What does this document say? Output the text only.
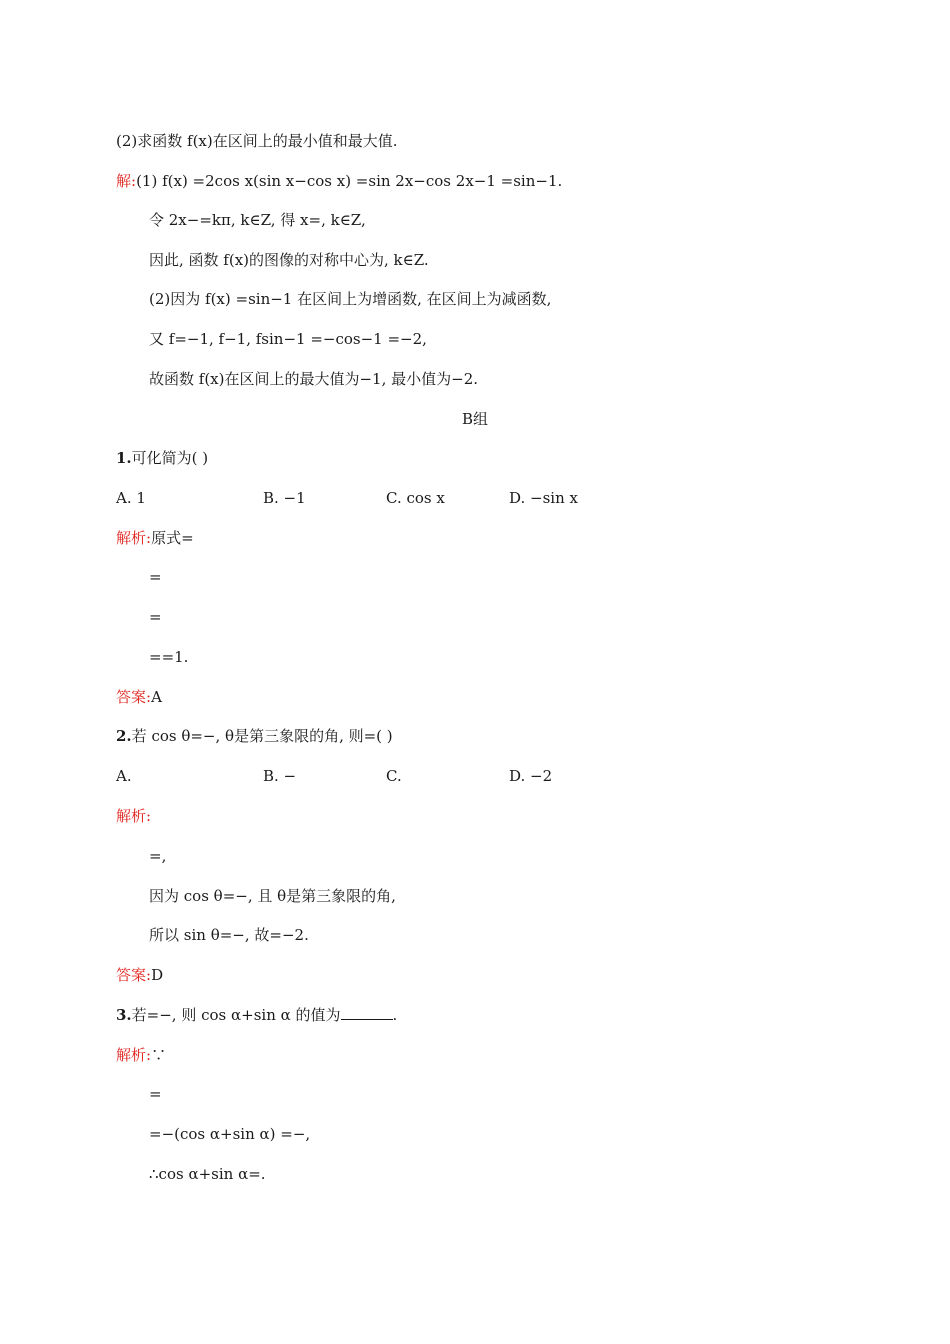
(2)求函数 f(x)在区间上的最小值和最大值.
解:(1) f(x) =2cos x(sin x−cos x) =sin 2x−cos 2x−1 =sin−1.
令 2x−=kπ, k∈Z, 得 x=, k∈Z,
因此, 函数 f(x)的图像的对称中心为, k∈Z.
(2)因为 f(x) =sin−1 在区间上为增函数, 在区间上为减函数,
又 f=−1, f−1, fsin−1 =−cos−1 =−2,
故函数 f(x)在区间上的最大值为−1, 最小值为−2.
B组
1.可化简为( )
A. 1	B. −1	C. cos x	D. −sin x
解析:原式=
=
=
==1.
答案:A
2.若 cos θ=−, θ是第三象限的角, 则=( )
A.	B. −	C.	D. −2
解析:
=,
因为 cos θ=−, 且 θ是第三象限的角,
所以 sin θ=−, 故=−2.
答案:D
3.若=−, 则 cos α+sin α 的值为	.
解析:∵
=
=−(cos α+sin α) =−,
∴cos α+sin α=.
